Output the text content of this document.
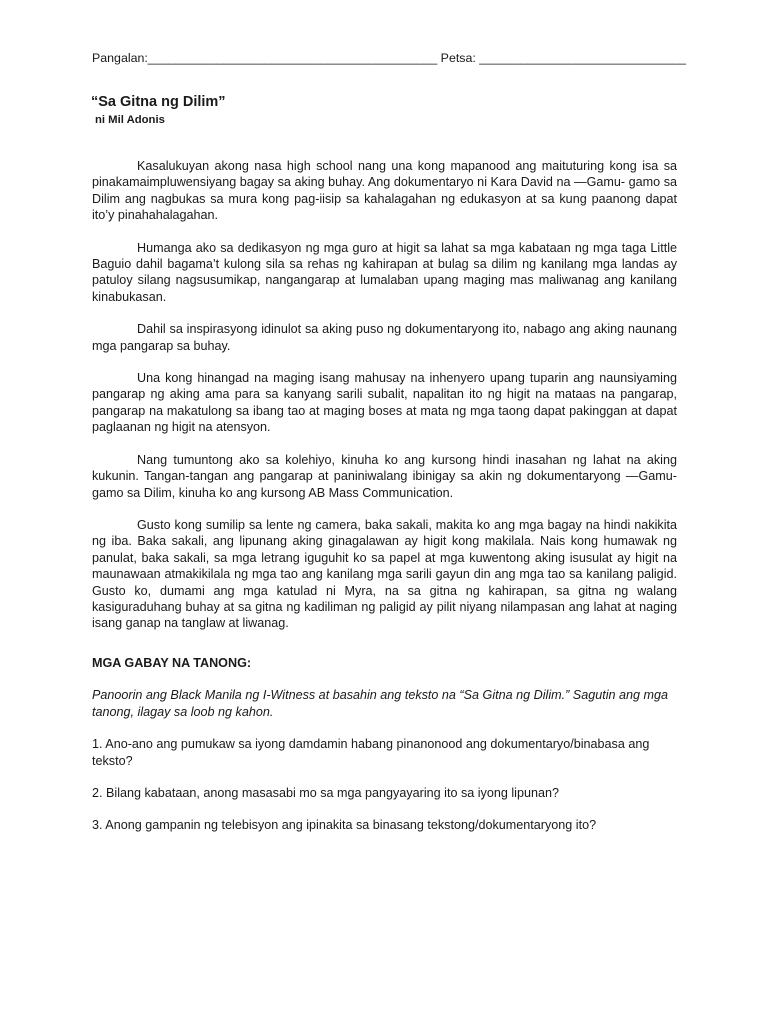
Pangalan:__________________________________________ Petsa: ______________________________
“Sa Gitna ng Dilim”
ni Mil Adonis

Kasalukuyan akong nasa high school nang una kong mapanood ang maituturing kong isa sa pinakamaimpluwensiyang bagay sa aking buhay. Ang dokumentaryo ni Kara David na —Gamu- gamo sa Dilim ang nagbukas sa mura kong pag-iisip sa kahalagahan ng edukasyon at sa kung paanong dapat ito’y pinahahalagahan.

Humanga ako sa dedikasyon ng mga guro at higit sa lahat sa mga kabataan ng mga taga Little Baguio dahil bagama’t kulong sila sa rehas ng kahirapan at bulag sa dilim ng kanilang mga landas ay patuloy silang nagsusumikap, nangangarap at lumalaban upang maging mas maliwanag ang kanilang kinabukasan.

Dahil sa inspirasyong idinulot sa aking puso ng dokumentaryong ito, nabago ang aking naunang mga pangarap sa buhay.

Una kong hinangad na maging isang mahusay na inhenyero upang tuparin ang naunsiyaming pangarap ng aking ama para sa kanyang sarili subalit, napalitan ito ng higit na mataas na pangarap, pangarap na makatulong sa ibang tao at maging boses at mata ng mga taong dapat pakinggan at dapat paglaanan ng higit na atensyon.

Nang tumuntong ako sa kolehiyo, kinuha ko ang kursong hindi inasahan ng lahat na aking kukunin. Tangan-tangan ang pangarap at paniniwalang ibinigay sa akin ng dokumentaryong —Gamu-gamo sa Dilim, kinuha ko ang kursong AB Mass Communication.

Gusto kong sumilip sa lente ng camera, baka sakali, makita ko ang mga bagay na hindi nakikita ng iba. Baka sakali, ang lipunang aking ginagalawan ay higit kong makilala. Nais kong humawak ng panulat, baka sakali, sa mga letrang iguguhit ko sa papel at mga kuwentong aking isusulat ay higit na maunawaan atmakikilala ng mga tao ang kanilang mga sarili gayun din ang mga tao sa kanilang paligid. Gusto ko, dumami ang mga katulad ni Myra, na sa gitna ng kahirapan, sa gitna ng walang kasiguraduhang buhay at sa gitna ng kadiliman ng paligid ay pilit niyang nilampasan ang lahat at naging isang ganap na tanglaw at liwanag.

MGA GABAY NA TANONG:
Panoorin ang Black Manila ng I-Witness at basahin ang teksto na “Sa Gitna ng Dilim.” Sagutin ang mga tanong, ilagay sa loob ng kahon.
1. Ano-ano ang pumukaw sa iyong damdamin habang pinanonood ang dokumentaryo/binabasa ang teksto?
2. Bilang kabataan, anong masasabi mo sa mga pangyayaring ito sa iyong lipunan?
3. Anong gampanin ng telebisyon ang ipinakita sa binasang tekstong/dokumentaryong ito?
